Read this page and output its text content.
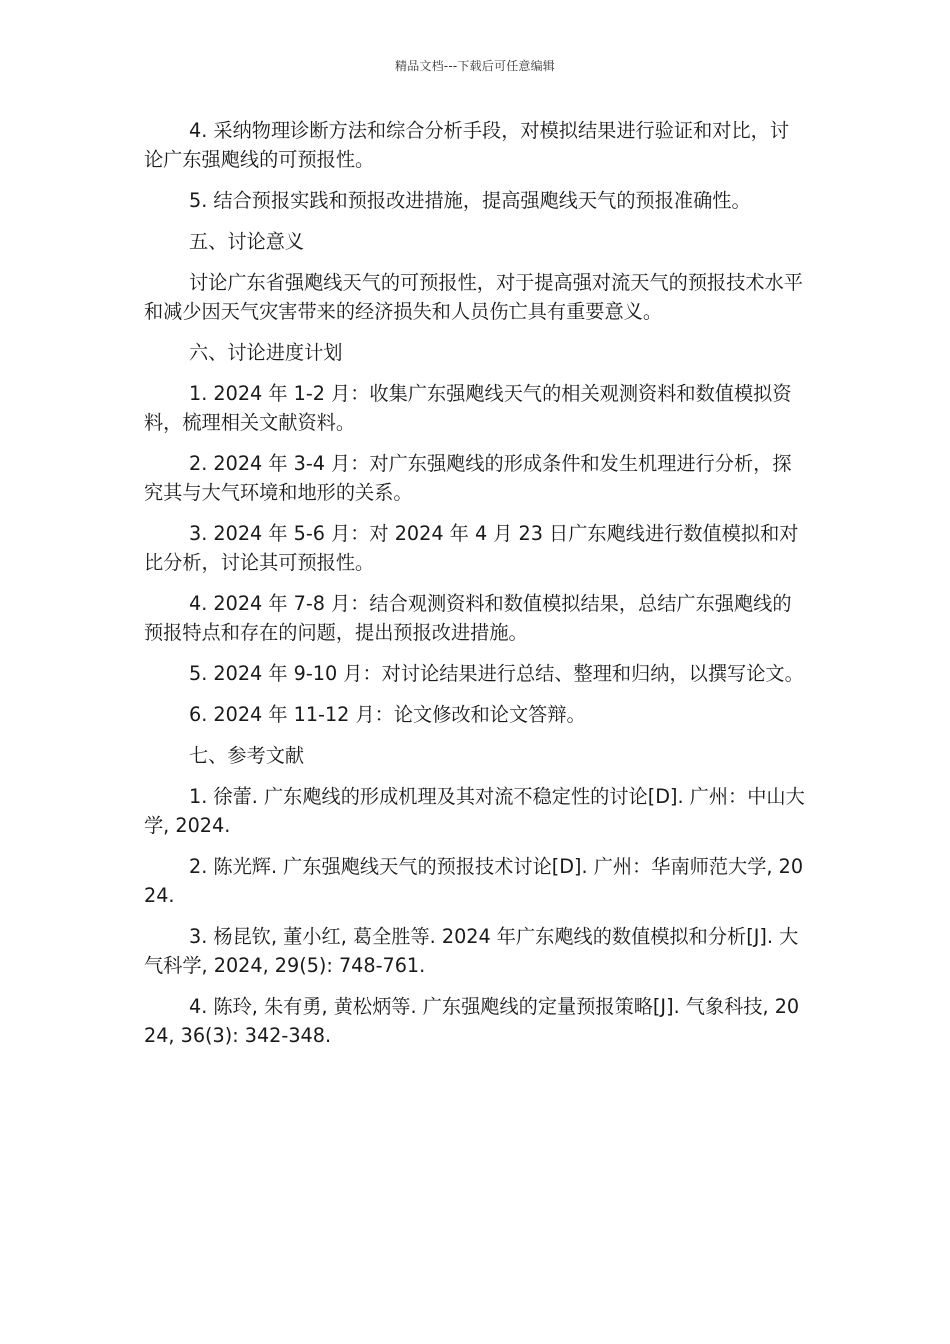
精品文档---下载后可任意编辑

4. 采纳物理诊断方法和综合分析手段，对模拟结果进行验证和对比，讨论广东强飑线的可预报性。

5. 结合预报实践和预报改进措施，提高强飑线天气的预报准确性。

五、讨论意义

讨论广东省强飑线天气的可预报性，对于提高强对流天气的预报技术水平和减少因天气灾害带来的经济损失和人员伤亡具有重要意义。

六、讨论进度计划

1. 2024 年 1-2 月：收集广东强飑线天气的相关观测资料和数值模拟资料，梳理相关文献资料。

2. 2024 年 3-4 月：对广东强飑线的形成条件和发生机理进行分析，探究其与大气环境和地形的关系。

3. 2024 年 5-6 月：对 2024 年 4 月 23 日广东飑线进行数值模拟和对比分析，讨论其可预报性。

4. 2024 年 7-8 月：结合观测资料和数值模拟结果，总结广东强飑线的预报特点和存在的问题，提出预报改进措施。

5. 2024 年 9-10 月：对讨论结果进行总结、整理和归纳，以撰写论文。

6. 2024 年 11-12 月：论文修改和论文答辩。

七、参考文献

1. 徐蕾. 广东飑线的形成机理及其对流不稳定性的讨论[D]. 广州：中山大学, 2024.

2. 陈光辉. 广东强飑线天气的预报技术讨论[D]. 广州：华南师范大学, 2024.

3. 杨昆钦, 董小红, 葛全胜等. 2024 年广东飑线的数值模拟和分析[J]. 大气科学, 2024, 29(5): 748-761.

4. 陈玲, 朱有勇, 黄松炳等. 广东强飑线的定量预报策略[J]. 气象科技, 2024, 36(3): 342-348.
